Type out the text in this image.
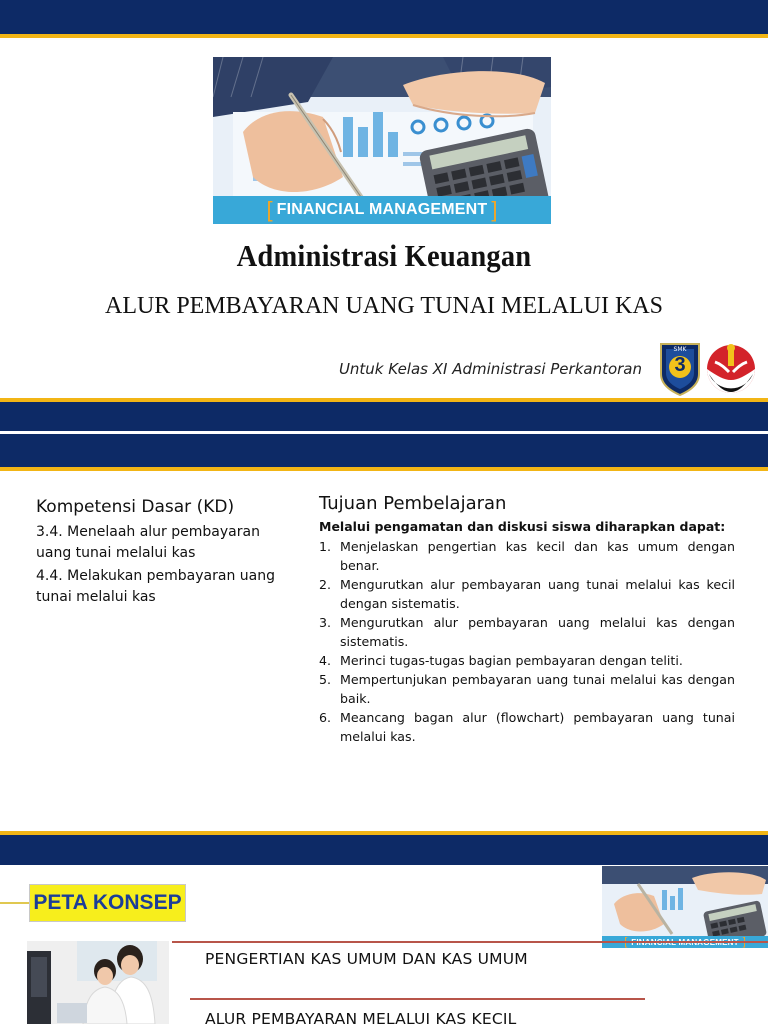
[ FINANCIAL MANAGEMENT ]
Administrasi Keuangan
ALUR PEMBAYARAN UANG TUNAI MELALUI KAS
Untuk Kelas XI Administrasi Perkantoran
SMK
3
Kompetensi Dasar (KD)
3.4. Menelaah alur pembayaran uang tunai melalui kas
4.4. Melakukan pembayaran uang tunai melalui kas
Tujuan Pembelajaran
Melalui pengamatan dan diskusi siswa diharapkan dapat:
1. Menjelaskan pengertian kas kecil dan kas umum dengan benar.
2. Mengurutkan alur pembayaran uang tunai melalui kas kecil dengan sistematis.
3. Mengurutkan alur pembayaran uang melalui kas dengan sistematis.
4. Merinci tugas-tugas bagian pembayaran dengan teliti.
5. Mempertunjukan pembayaran uang tunai melalui kas dengan baik.
6. Meancang bagan alur (flowchart) pembayaran uang tunai melalui kas.
PETA KONSEP
PENGERTIAN KAS UMUM DAN KAS UMUM
ALUR PEMBAYARAN MELALUI KAS KECIL
